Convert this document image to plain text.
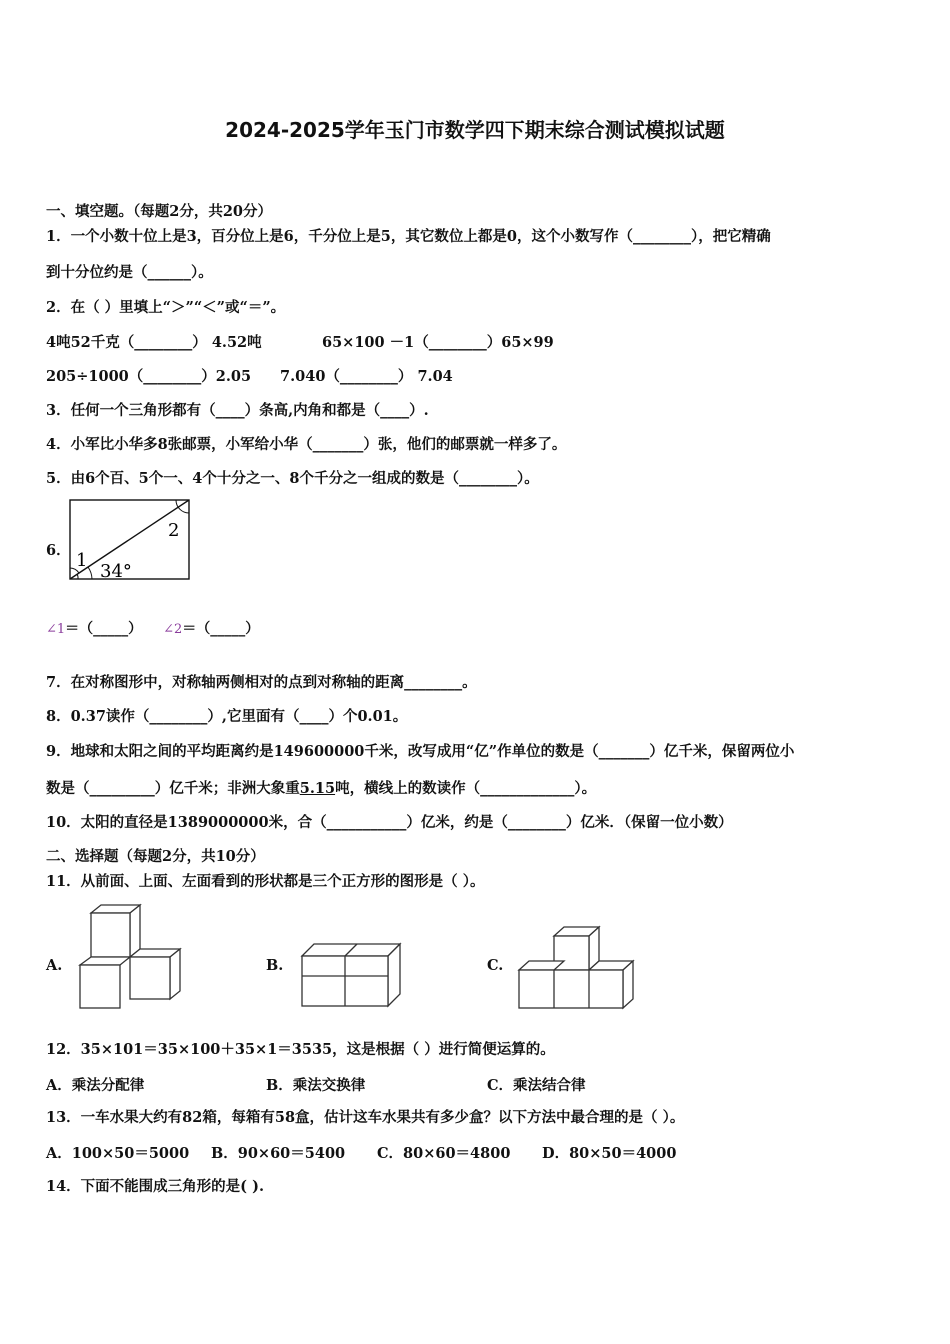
2024-2025学年玉门市数学四下期末综合测试模拟试题
一、填空题。（每题2分，共20分）
1．一个小数十位上是3，百分位上是6，千分位上是5，其它数位上都是0，这个小数写作（________），把它精确
到十分位约是（______）。
2．在（ ）里填上“＞”“＜”或“＝”。
4吨52千克（________） 4.52吨	65×100 －1（________）65×99
205÷1000（________）2.05 7.040（________） 7.04
3．任何一个三角形都有（____）条高,内角和都是（____）.
4．小军比小华多8张邮票，小军给小华（_______）张，他们的邮票就一样多了。
5．由6个百、5个一、4个十分之一、8个千分之一组成的数是（________）。
6． 1
2
34°
∠1＝（_____） ∠2＝（_____）
7．在对称图形中，对称轴两侧相对的点到对称轴的距离________。
8．0.37读作（________）,它里面有（____）个0.01。
9．地球和太阳之间的平均距离约是149600000千米，改写成用“亿”作单位的数是（_______）亿千米，保留两位小
数是（_________）亿千米；非洲大象重5.15吨，横线上的数读作（_____________）。
10．太阳的直径是1389000000米，合（___________）亿米，约是（________）亿米．（保留一位小数）
二、选择题（每题2分，共10分）
11．从前面、上面、左面看到的形状都是三个正方形的图形是（ ）。
A.	B.	C.
12．35×101＝35×100＋35×1＝3535，这是根据（ ）进行简便运算的。
A．乘法分配律	B．乘法交换律	C．乘法结合律
13．一车水果大约有82箱，每箱有58盒，估计这车水果共有多少盒？以下方法中最合理的是（ ）。
A．100×50＝5000 B．90×60＝5400 C．80×60＝4800 D．80×50＝4000
14．下面不能围成三角形的是( ).
